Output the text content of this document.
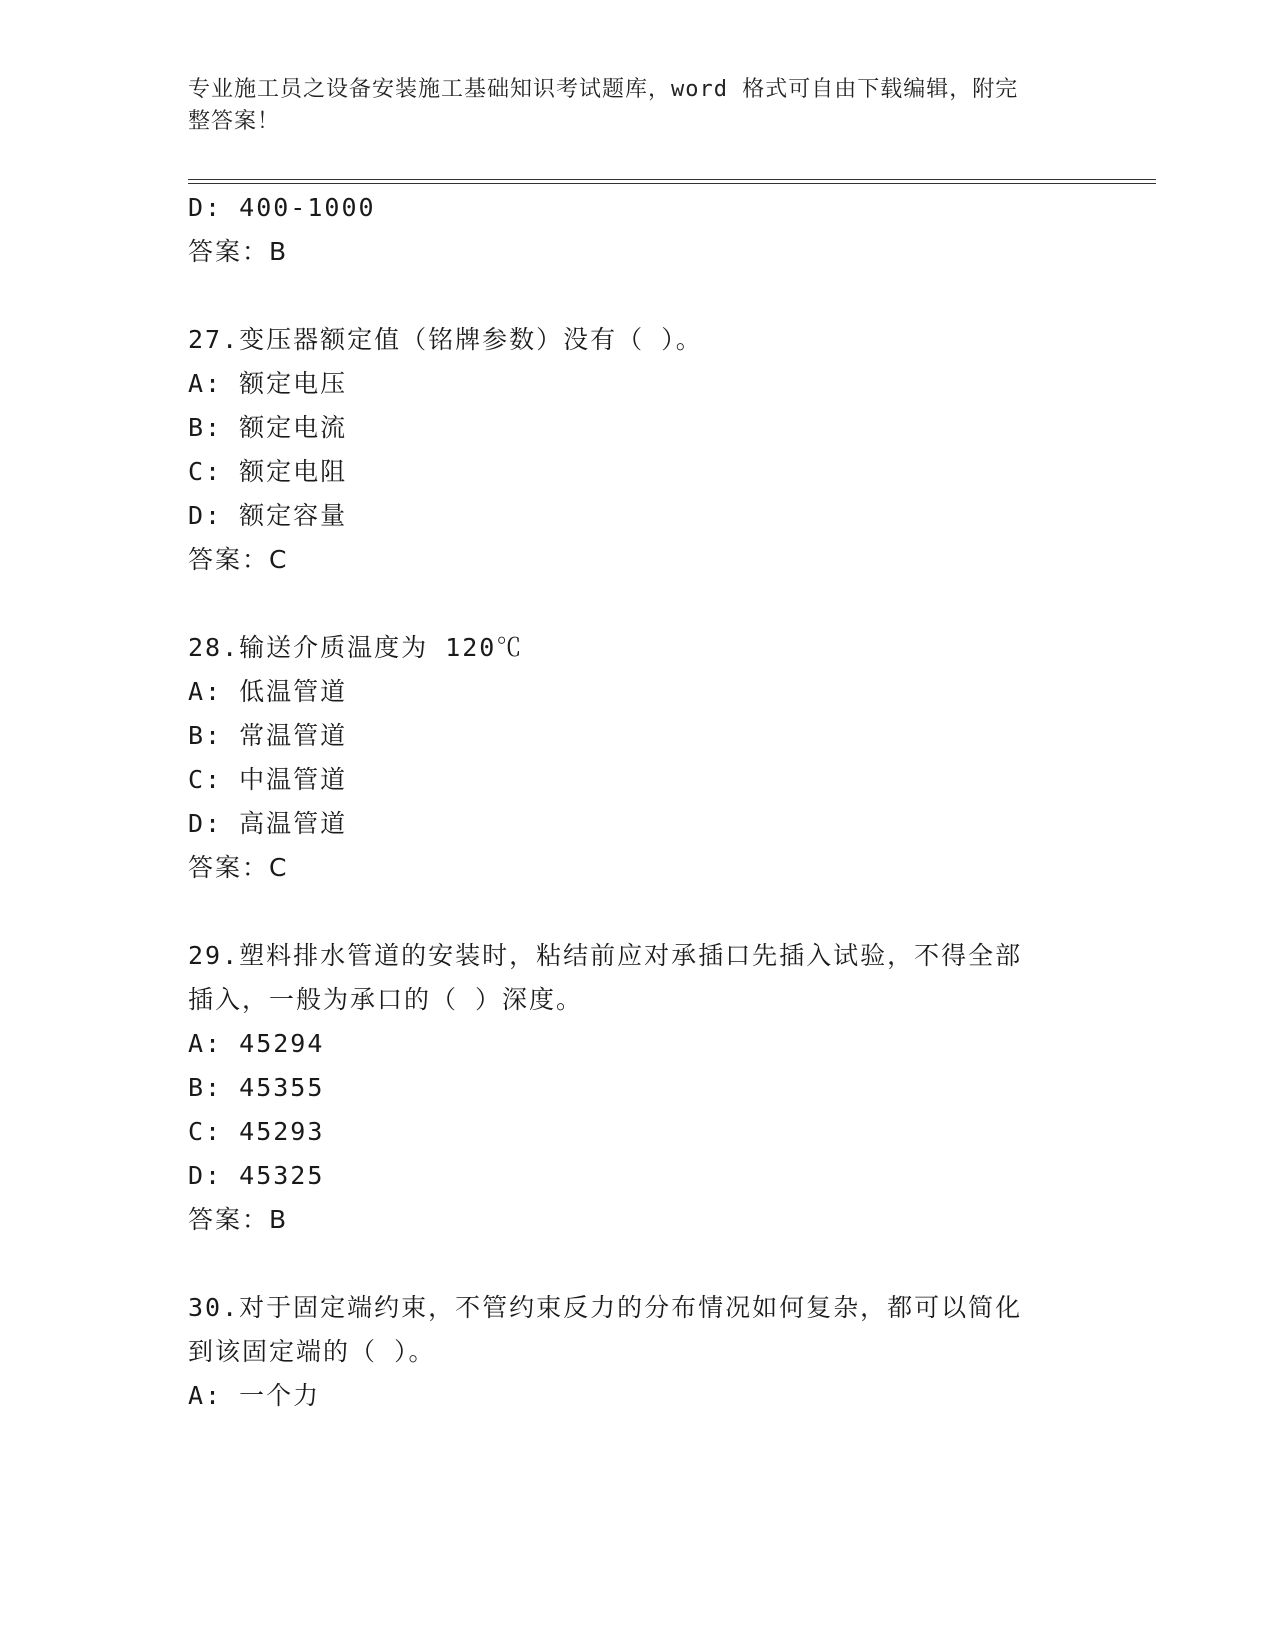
专业施工员之设备安装施工基础知识考试题库，word 格式可自由下载编辑，附完
整答案！
D: 400-1000
答案：B
27.变压器额定值（铭牌参数）没有（ ）。
A: 额定电压
B: 额定电流
C: 额定电阻
D: 额定容量
答案：C
28.输送介质温度为 120℃
A: 低温管道
B: 常温管道
C: 中温管道
D: 高温管道
答案：C
29.塑料排水管道的安装时，粘结前应对承插口先插入试验，不得全部
插入，一般为承口的（ ）深度。
A: 45294
B: 45355
C: 45293
D: 45325
答案：B
30.对于固定端约束，不管约束反力的分布情况如何复杂，都可以简化
到该固定端的（ ）。
A: 一个力
